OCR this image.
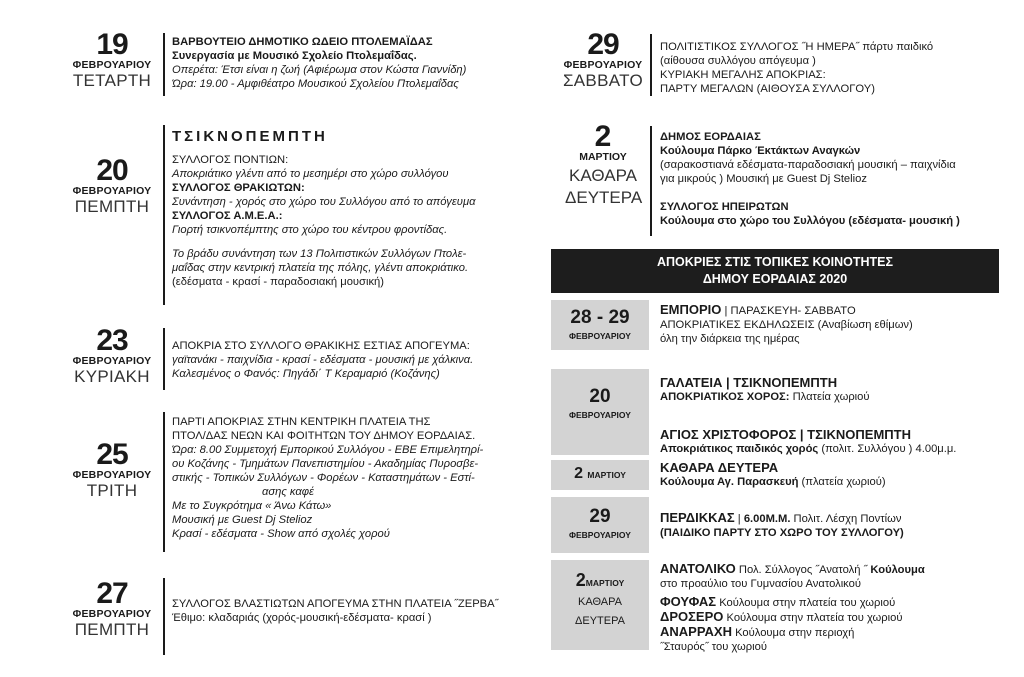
19
ΦΕΒΡΟΥΑΡΙΟΥ
ΤΕΤΑΡΤΗ
ΒΑΡΒΟΥΤΕΙΟ ΔΗΜΟΤΙΚΟ ΩΔΕΙΟ ΠΤΟΛΕΜΑΪΔΑΣ
Συνεργασία με Μουσικό Σχολείο Πτολεμαΐδας.
Οπερέτα: Έτσι είναι η ζωή (Αφιέρωμα στον Κώστα Γιαννίδη)
Ώρα: 19.00 - Αμφιθέατρο Μουσικού Σχολείου Πτολεμαΐδας
20
ΦΕΒΡΟΥΑΡΙΟΥ
ΠΕΜΠΤΗ
ΤΣΙΚΝΟΠΕΜΠΤΗ
ΣΥΛΛΟΓΟΣ ΠΟΝΤΙΩΝ:
Αποκριάτικο γλέντι από το μεσημέρι στο χώρο συλλόγου
ΣΥΛΛΟΓΟΣ ΘΡΑΚΙΩΤΩΝ:
Συνάντηση - χορός στο χώρο του Συλλόγου από το απόγευμα
ΣΥΛΛΟΓΟΣ Α.Μ.Ε.Α.:
Γιορτή τσικνοπέμπτης στο χώρο του κέντρου φροντίδας.
Το βράδυ συνάντηση των 13 Πολιτιστικών Συλλόγων Πτολε-
μαΐδας στην κεντρική πλατεία της πόλης, γλέντι αποκριάτικο.
(εδέσματα - κρασί - παραδοσιακή μουσική)
23
ΦΕΒΡΟΥΑΡΙΟΥ
ΚΥΡΙΑΚΗ
ΑΠΟΚΡΙΑ ΣΤΟ ΣΥΛΛΟΓΟ ΘΡΑΚΙΚΗΣ ΕΣΤΙΑΣ ΑΠΟΓΕΥΜΑ:
γαϊτανάκι - παιχνίδια - κρασί - εδέσματα - μουσική με χάλκινα.
Καλεσμένος ο Φανός: Πηγάδι΄ Τ Κεραμαριό (Κοζάνης)
25
ΦΕΒΡΟΥΑΡΙΟΥ
ΤΡΙΤΗ
ΠΑΡΤΙ ΑΠΟΚΡΙΑΣ ΣΤΗΝ ΚΕΝΤΡΙΚΗ ΠΛΑΤΕΙΑ ΤΗΣ
ΠΤΟΛ/ΔΑΣ ΝΕΩΝ ΚΑΙ ΦΟΙΤΗΤΩΝ ΤΟΥ ΔΗΜΟΥ ΕΟΡΔΑΙΑΣ.
Ώρα: 8.00 Συμμετοχή Εμπορικού Συλλόγου - ΕΒΕ Επιμελητηρί-
ου Κοζάνης - Τμημάτων Πανεπιστημίου - Ακαδημίας Πυροσβε-
στικής - Τοπικών Συλλόγων - Φορέων - Καταστημάτων - Εστί-
ασης καφέ
Με το Συγκρότημα « Άνω Κάτω»
Μουσική με Guest Dj Stelioz
Κρασί - εδέσματα - Show από σχολές χορού
27
ΦΕΒΡΟΥΑΡΙΟΥ
ΠΕΜΠΤΗ
ΣΥΛΛΟΓΟΣ ΒΛΑΣΤΙΩΤΩΝ ΑΠΟΓΕΥΜΑ ΣΤΗΝ ΠΛΑΤΕΙΑ ˝ΖΕΡΒΑ˝
Έθιμο: κλαδαριάς (χορός-μουσική-εδέσματα- κρασί )
29
ΦΕΒΡΟΥΑΡΙΟΥ
ΣΑΒΒΑΤΟ
ΠΟΛΙΤΙΣΤΙΚΟΣ ΣΥΛΛΟΓΟΣ ˝Η ΗΜΕΡΑ˝ πάρτυ παιδικό
(αίθουσα συλλόγου απόγευμα )
ΚΥΡΙΑΚΗ ΜΕΓΑΛΗΣ ΑΠΟΚΡΙΑΣ:
ΠΑΡΤΥ ΜΕΓΑΛΩΝ (ΑΙΘΟΥΣΑ ΣΥΛΛΟΓΟΥ)
2
ΜΑΡΤΙΟΥ
ΚΑΘΑΡΑ ΔΕΥΤΕΡΑ
ΔΗΜΟΣ ΕΟΡΔΑΙΑΣ
Κούλουμα Πάρκο Έκτάκτων Αναγκών
(σαρακοστιανά εδέσματα-παραδοσιακή μουσική – παιχνίδια
για μικρούς ) Μουσική με Guest Dj Stelioz
ΣΥΛΛΟΓΟΣ ΗΠΕΙΡΩΤΩΝ
Κούλουμα στο χώρο του Συλλόγου (εδέσματα- μουσική )
ΑΠΟΚΡΙΕΣ ΣΤΙΣ ΤΟΠΙΚΕΣ ΚΟΙΝΟΤΗΤΕΣ
ΔΗΜΟΥ ΕΟΡΔΑΙΑΣ 2020
28 - 29
ΦΕΒΡΟΥΑΡΙΟΥ
ΕΜΠΟΡΙΟ | ΠΑΡΑΣΚΕΥΗ- ΣΑΒΒΑΤΟ
ΑΠΟΚΡΙΑΤΙΚΕΣ ΕΚΔΗΛΩΣΕΙΣ (Αναβίωση εθίμων)
όλη την διάρκεια της ημέρας
20
ΦΕΒΡΟΥΑΡΙΟΥ
ΓΑΛΑΤΕΙΑ | ΤΣΙΚΝΟΠΕΜΠΤΗ
ΑΠΟΚΡΙΑΤΙΚΟΣ ΧΟΡΟΣ: Πλατεία χωριού
ΑΓΙΟΣ ΧΡΙΣΤΟΦΟΡΟΣ | ΤΣΙΚΝΟΠΕΜΠΤΗ
Αποκριάτικος παιδικός χορός (πολιτ. Συλλόγου ) 4.00μ.μ.
2 ΜΑΡΤΙΟΥ	ΚΑΘΑΡΑ ΔΕΥΤΕΡΑ
Κούλουμα Αγ. Παρασκευή (πλατεία χωριού)
29
ΦΕΒΡΟΥΑΡΙΟΥ
ΠΕΡΔΙΚΚΑΣ | 6.00Μ.Μ. Πολιτ. Λέσχη Ποντίων
(ΠΑΙΔΙΚΟ ΠΑΡΤΥ ΣΤΟ ΧΩΡΟ ΤΟΥ ΣΥΛΛΟΓΟΥ)
2ΜΑΡΤΙΟΥ
ΚΑΘΑΡΑ
ΔΕΥΤΕΡΑ
ΑΝΑΤΟΛΙΚΟ Πολ. Σύλλογος ˝Ανατολή ˝ Κούλουμα
στο προαύλιο του Γυμνασίου Ανατολικού
ΦΟΥΦΑΣ Κούλουμα στην πλατεία του χωριού
ΔΡΟΣΕΡΟ Κούλουμα στην πλατεία του χωριού
ΑΝΑΡΡΑΧΗ Κούλουμα στην περιοχή
˝Σταυρός˝ του χωριού
